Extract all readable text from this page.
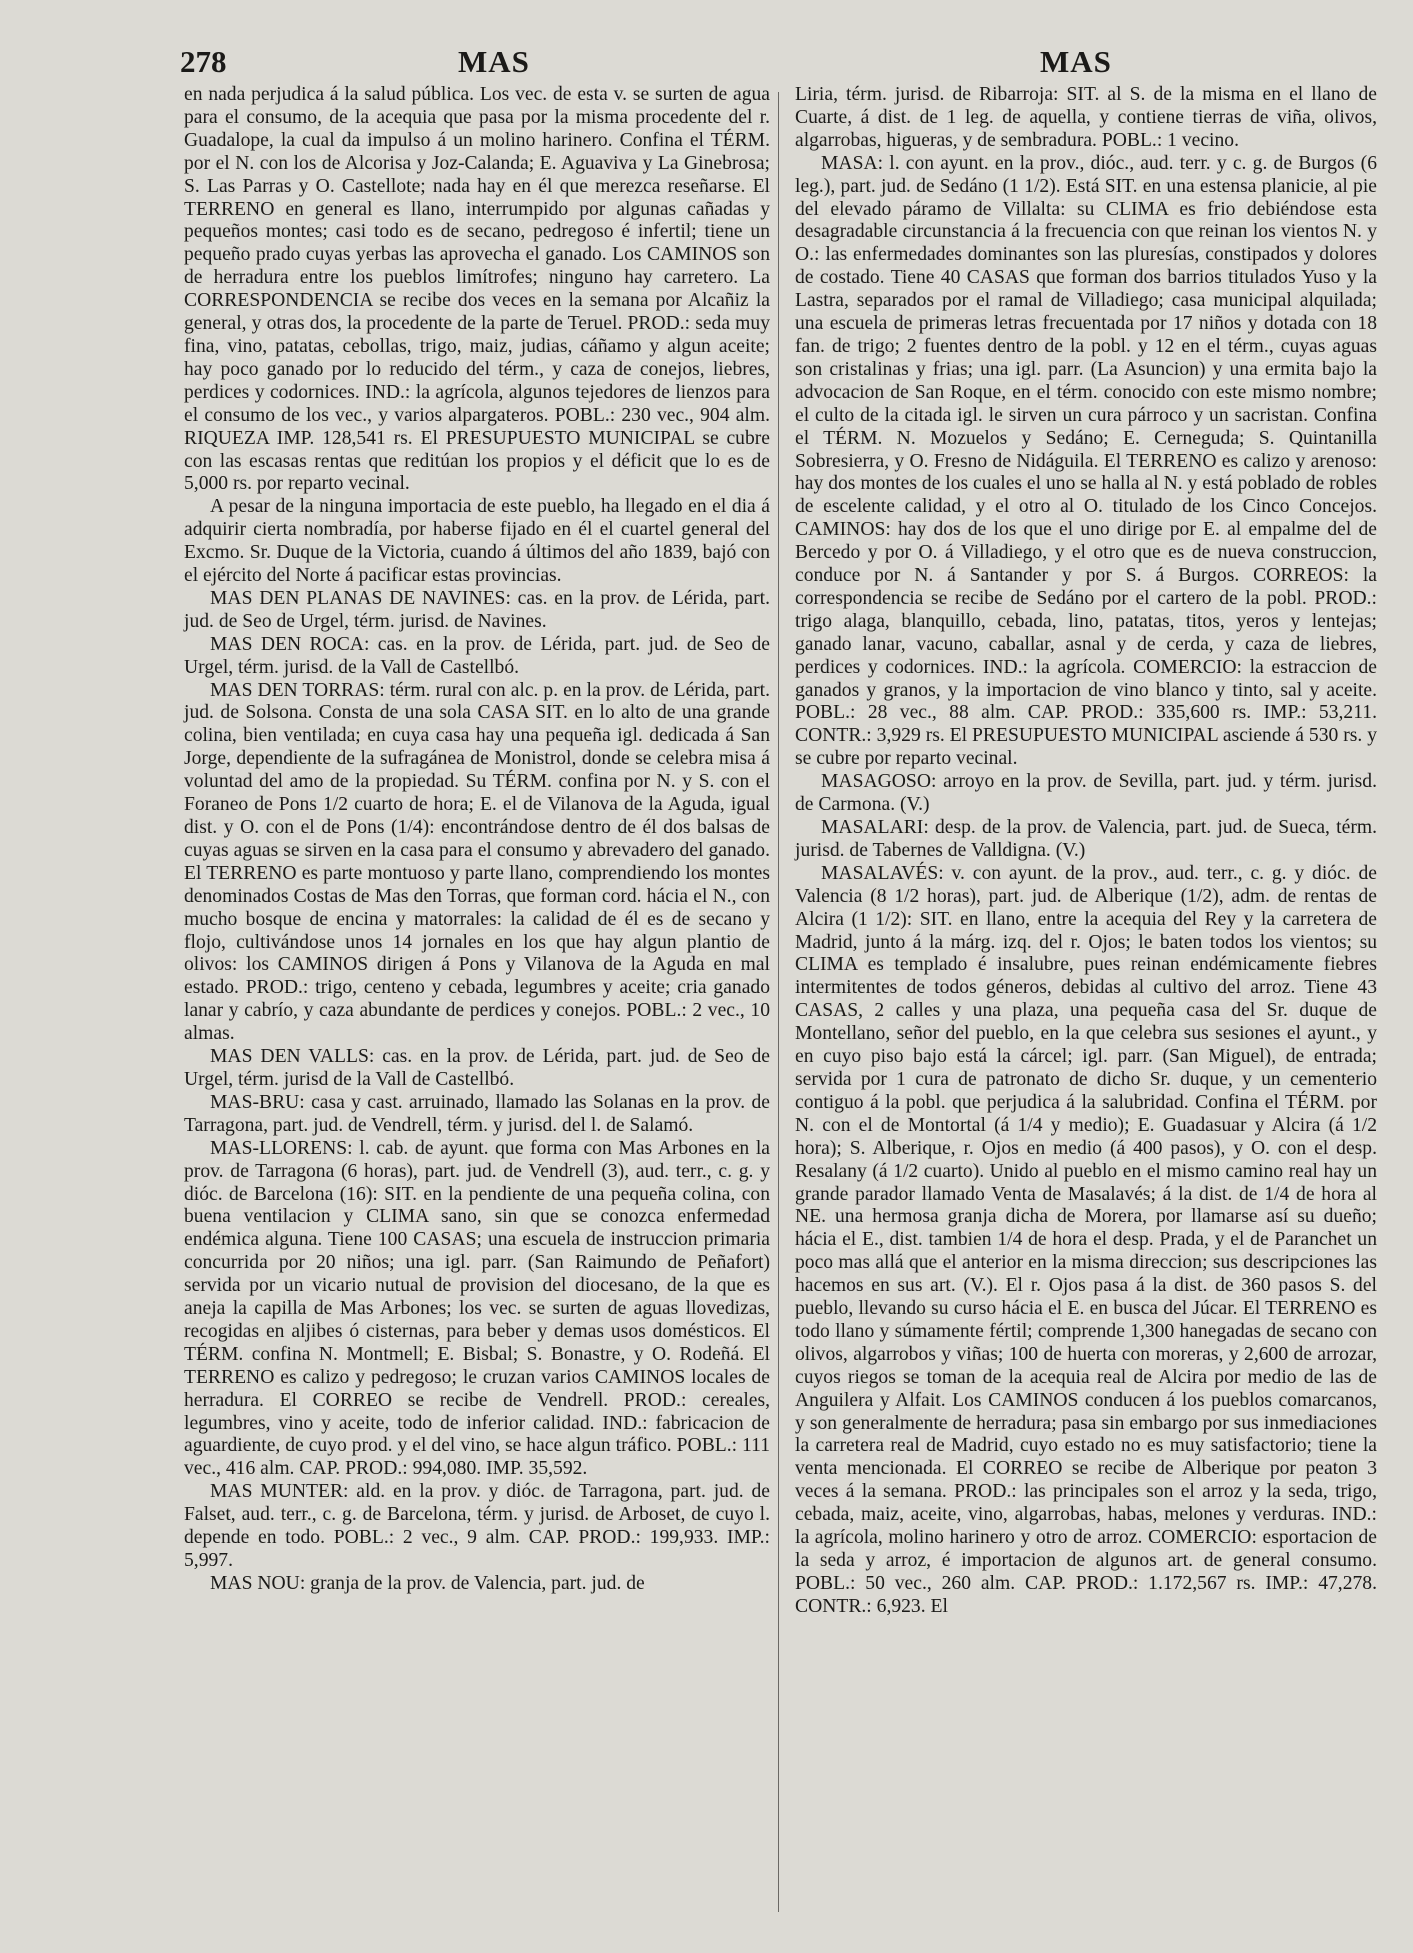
278	MAS	MAS

en nada perjudica á la salud pública. Los vec. de esta v. se surten de agua para el consumo, de la acequia que pasa por la misma procedente del r. Guadalope, la cual da impulso á un molino harinero. Confina el TÉRM. por el N. con los de Alcorisa y Joz-Calanda; E. Aguaviva y La Ginebrosa; S. Las Parras y O. Castellote; nada hay en él que merezca reseñarse. El TERRENO en general es llano, interrumpido por algunas cañadas y pequeños montes; casi todo es de secano, pedregoso é infertil; tiene un pequeño prado cuyas yerbas las aprovecha el ganado. Los CAMINOS son de herradura entre los pueblos limítrofes; ninguno hay carretero. La CORRESPONDENCIA se recibe dos veces en la semana por Alcañiz la general, y otras dos, la procedente de la parte de Teruel. PROD.: seda muy fina, vino, patatas, cebollas, trigo, maiz, judias, cáñamo y algun aceite; hay poco ganado por lo reducido del térm., y caza de conejos, liebres, perdices y codornices. IND.: la agrícola, algunos tejedores de lienzos para el consumo de los vec., y varios alpargateros. POBL.: 230 vec., 904 alm. RIQUEZA IMP. 128,541 rs. El PRESUPUESTO MUNICIPAL se cubre con las escasas rentas que reditúan los propios y el déficit que lo es de 5,000 rs. por reparto vecinal.

A pesar de la ninguna importacia de este pueblo, ha llegado en el dia á adquirir cierta nombradía, por haberse fijado en él el cuartel general del Excmo. Sr. Duque de la Victoria, cuando á últimos del año 1839, bajó con el ejército del Norte á pacificar estas provincias.

MAS DEN PLANAS DE NAVINES: cas. en la prov. de Lérida, part. jud. de Seo de Urgel, térm. jurisd. de Navines.

MAS DEN ROCA: cas. en la prov. de Lérida, part. jud. de Seo de Urgel, térm. jurisd. de la Vall de Castellbó.

MAS DEN TORRAS: térm. rural con alc. p. en la prov. de Lérida, part. jud. de Solsona. Consta de una sola CASA SIT. en lo alto de una grande colina, bien ventilada; en cuya casa hay una pequeña igl. dedicada á San Jorge, dependiente de la sufragánea de Monistrol, donde se celebra misa á voluntad del amo de la propiedad. Su TÉRM. confina por N. y S. con el Foraneo de Pons 1/2 cuarto de hora; E. el de Vilanova de la Aguda, igual dist. y O. con el de Pons (1/4): encontrándose dentro de él dos balsas de cuyas aguas se sirven en la casa para el consumo y abrevadero del ganado. El TERRENO es parte montuoso y parte llano, comprendiendo los montes denominados Costas de Mas den Torras, que forman cord. hácia el N., con mucho bosque de encina y matorrales: la calidad de él es de secano y flojo, cultivándose unos 14 jornales en los que hay algun plantio de olivos: los CAMINOS dirigen á Pons y Vilanova de la Aguda en mal estado. PROD.: trigo, centeno y cebada, legumbres y aceite; cria ganado lanar y cabrío, y caza abundante de perdices y conejos. POBL.: 2 vec., 10 almas.

MAS DEN VALLS: cas. en la prov. de Lérida, part. jud. de Seo de Urgel, térm. jurisd de la Vall de Castellbó.

MAS-BRU: casa y cast. arruinado, llamado las Solanas en la prov. de Tarragona, part. jud. de Vendrell, térm. y jurisd. del l. de Salamó.

MAS-LLORENS: l. cab. de ayunt. que forma con Mas Arbones en la prov. de Tarragona (6 horas), part. jud. de Vendrell (3), aud. terr., c. g. y dióc. de Barcelona (16): SIT. en la pendiente de una pequeña colina, con buena ventilacion y CLIMA sano, sin que se conozca enfermedad endémica alguna. Tiene 100 CASAS; una escuela de instruccion primaria concurrida por 20 niños; una igl. parr. (San Raimundo de Peñafort) servida por un vicario nutual de provision del diocesano, de la que es aneja la capilla de Mas Arbones; los vec. se surten de aguas llovedizas, recogidas en aljibes ó cisternas, para beber y demas usos domésticos. El TÉRM. confina N. Montmell; E. Bisbal; S. Bonastre, y O. Rodeñá. El TERRENO es calizo y pedregoso; le cruzan varios CAMINOS locales de herradura. El CORREO se recibe de Vendrell. PROD.: cereales, legumbres, vino y aceite, todo de inferior calidad. IND.: fabricacion de aguardiente, de cuyo prod. y el del vino, se hace algun tráfico. POBL.: 111 vec., 416 alm. CAP. PROD.: 994,080. IMP. 35,592.

MAS MUNTER: ald. en la prov. y dióc. de Tarragona, part. jud. de Falset, aud. terr., c. g. de Barcelona, térm. y jurisd. de Arboset, de cuyo l. depende en todo. POBL.: 2 vec., 9 alm. CAP. PROD.: 199,933. IMP.: 5,997.

MAS NOU: granja de la prov. de Valencia, part. jud. de

Liria, térm. jurisd. de Ribarroja: SIT. al S. de la misma en el llano de Cuarte, á dist. de 1 leg. de aquella, y contiene tierras de viña, olivos, algarrobas, higueras, y de sembradura. POBL.: 1 vecino.

MASA: l. con ayunt. en la prov., dióc., aud. terr. y c. g. de Burgos (6 leg.), part. jud. de Sedáno (1 1/2). Está SIT. en una estensa planicie, al pie del elevado páramo de Villalta: su CLIMA es frio debiéndose esta desagradable circunstancia á la frecuencia con que reinan los vientos N. y O.: las enfermedades dominantes son las pluresías, constipados y dolores de costado. Tiene 40 CASAS que forman dos barrios titulados Yuso y la Lastra, separados por el ramal de Villadiego; casa municipal alquilada; una escuela de primeras letras frecuentada por 17 niños y dotada con 18 fan. de trigo; 2 fuentes dentro de la pobl. y 12 en el térm., cuyas aguas son cristalinas y frias; una igl. parr. (La Asuncion) y una ermita bajo la advocacion de San Roque, en el térm. conocido con este mismo nombre; el culto de la citada igl. le sirven un cura párroco y un sacristan. Confina el TÉRM. N. Mozuelos y Sedáno; E. Cerneguda; S. Quintanilla Sobresierra, y O. Fresno de Nidáguila. El TERRENO es calizo y arenoso: hay dos montes de los cuales el uno se halla al N. y está poblado de robles de escelente calidad, y el otro al O. titulado de los Cinco Concejos. CAMINOS: hay dos de los que el uno dirige por E. al empalme del de Bercedo y por O. á Villadiego, y el otro que es de nueva construccion, conduce por N. á Santander y por S. á Burgos. CORREOS: la correspondencia se recibe de Sedáno por el cartero de la pobl. PROD.: trigo alaga, blanquillo, cebada, lino, patatas, titos, yeros y lentejas; ganado lanar, vacuno, caballar, asnal y de cerda, y caza de liebres, perdices y codornices. IND.: la agrícola. COMERCIO: la estraccion de ganados y granos, y la importacion de vino blanco y tinto, sal y aceite. POBL.: 28 vec., 88 alm. CAP. PROD.: 335,600 rs. IMP.: 53,211. CONTR.: 3,929 rs. El PRESUPUESTO MUNICIPAL asciende á 530 rs. y se cubre por reparto vecinal.

MASAGOSO: arroyo en la prov. de Sevilla, part. jud. y térm. jurisd. de Carmona. (V.)

MASALARI: desp. de la prov. de Valencia, part. jud. de Sueca, térm. jurisd. de Tabernes de Valldigna. (V.)

MASALAVÉS: v. con ayunt. de la prov., aud. terr., c. g. y dióc. de Valencia (8 1/2 horas), part. jud. de Alberique (1/2), adm. de rentas de Alcira (1 1/2): SIT. en llano, entre la acequia del Rey y la carretera de Madrid, junto á la márg. izq. del r. Ojos; le baten todos los vientos; su CLIMA es templado é insalubre, pues reinan endémicamente fiebres intermitentes de todos géneros, debidas al cultivo del arroz. Tiene 43 CASAS, 2 calles y una plaza, una pequeña casa del Sr. duque de Montellano, señor del pueblo, en la que celebra sus sesiones el ayunt., y en cuyo piso bajo está la cárcel; igl. parr. (San Miguel), de entrada; servida por 1 cura de patronato de dicho Sr. duque, y un cementerio contiguo á la pobl. que perjudica á la salubridad. Confina el TÉRM. por N. con el de Montortal (á 1/4 y medio); E. Guadasuar y Alcira (á 1/2 hora); S. Alberique, r. Ojos en medio (á 400 pasos), y O. con el desp. Resalany (á 1/2 cuarto). Unido al pueblo en el mismo camino real hay un grande parador llamado Venta de Masalavés; á la dist. de 1/4 de hora al NE. una hermosa granja dicha de Morera, por llamarse así su dueño; hácia el E., dist. tambien 1/4 de hora el desp. Prada, y el de Paranchet un poco mas allá que el anterior en la misma direccion; sus descripciones las hacemos en sus art. (V.). El r. Ojos pasa á la dist. de 360 pasos S. del pueblo, llevando su curso hácia el E. en busca del Júcar. El TERRENO es todo llano y súmamente fértil; comprende 1,300 hanegadas de secano con olivos, algarrobos y viñas; 100 de huerta con moreras, y 2,600 de arrozar, cuyos riegos se toman de la acequia real de Alcira por medio de las de Anguilera y Alfait. Los CAMINOS conducen á los pueblos comarcanos, y son generalmente de herradura; pasa sin embargo por sus inmediaciones la carretera real de Madrid, cuyo estado no es muy satisfactorio; tiene la venta mencionada. El CORREO se recibe de Alberique por peaton 3 veces á la semana. PROD.: las principales son el arroz y la seda, trigo, cebada, maiz, aceite, vino, algarrobas, habas, melones y verduras. IND.: la agrícola, molino harinero y otro de arroz. COMERCIO: esportacion de la seda y arroz, é importacion de algunos art. de general consumo. POBL.: 50 vec., 260 alm. CAP. PROD.: 1.172,567 rs. IMP.: 47,278. CONTR.: 6,923. El
